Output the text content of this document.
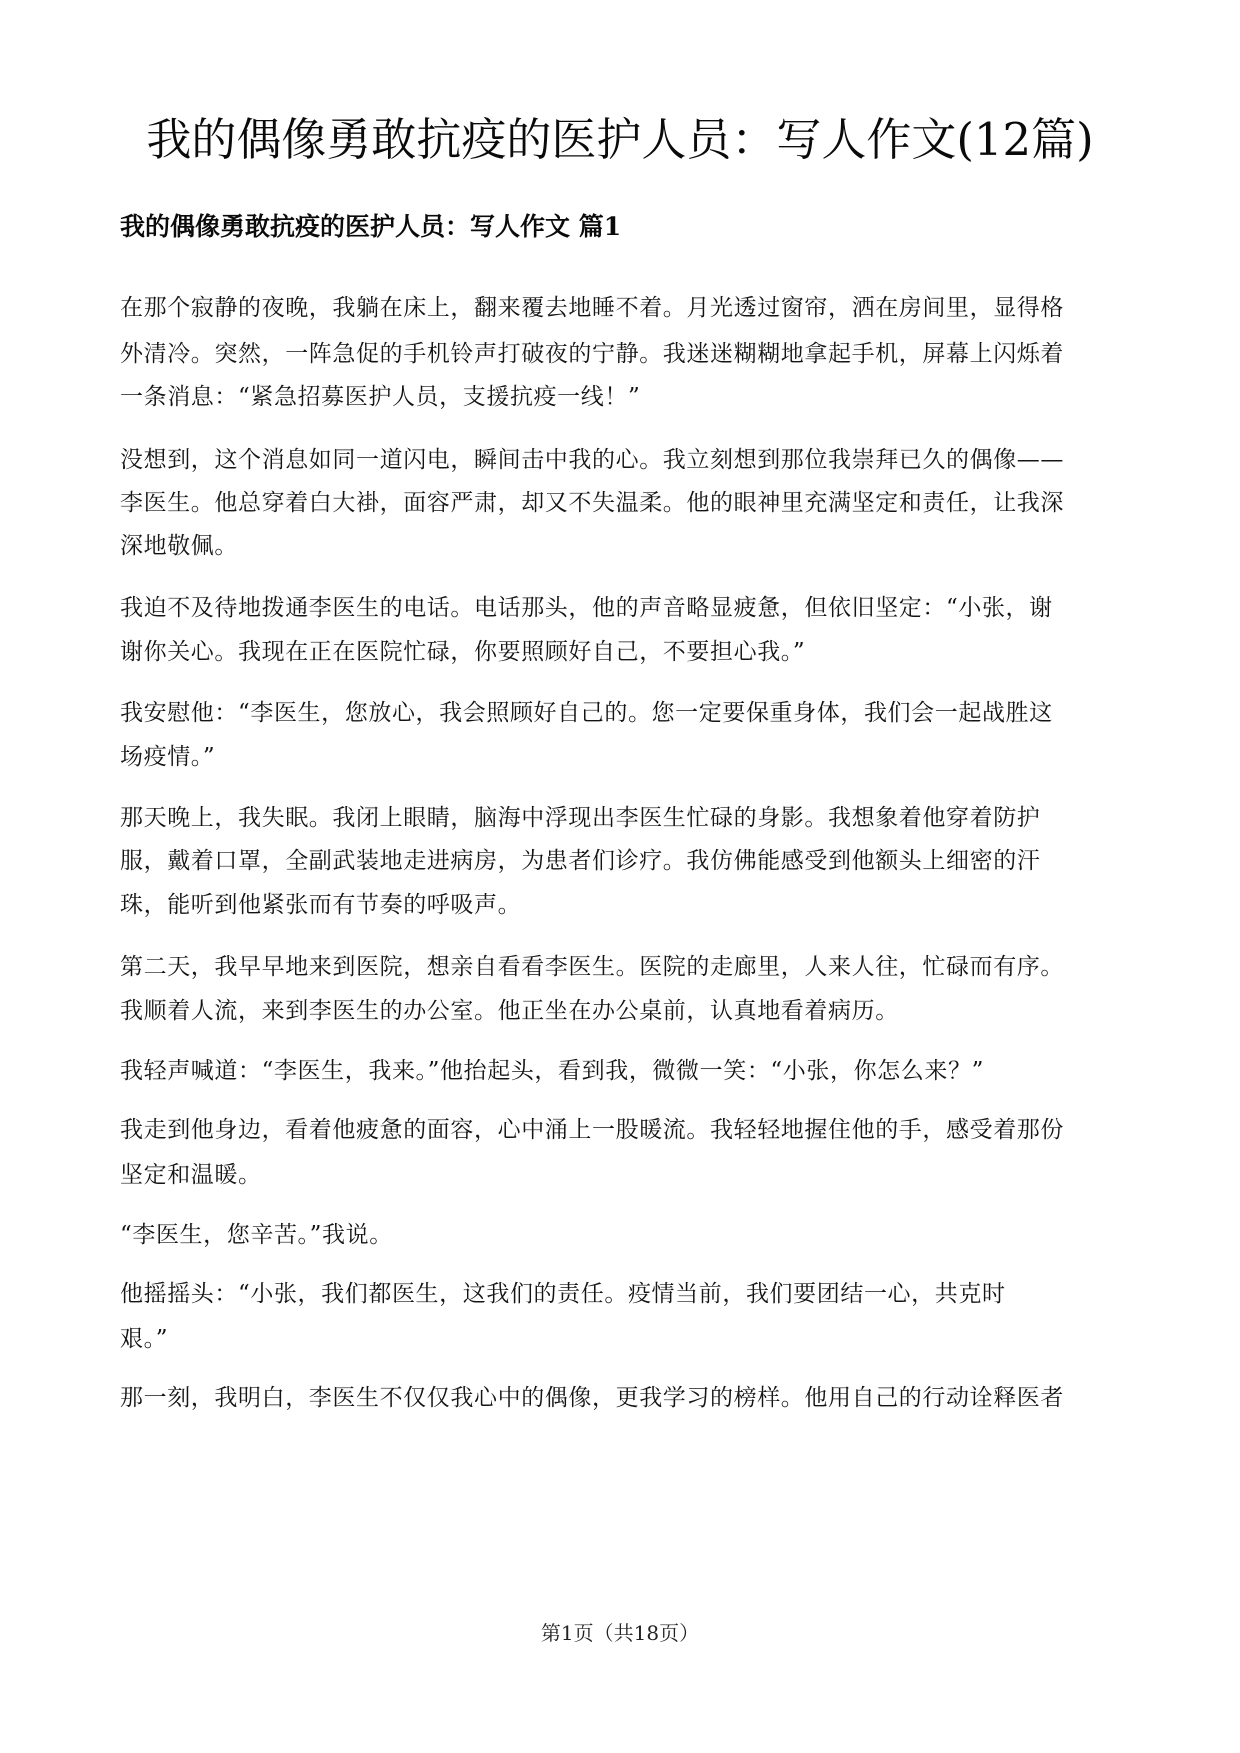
我的偶像勇敢抗疫的医护人员：写人作文(12篇)
我的偶像勇敢抗疫的医护人员：写人作文 篇1
在那个寂静的夜晚，我躺在床上，翻来覆去地睡不着。月光透过窗帘，洒在房间里，显得格
外清冷。突然，一阵急促的手机铃声打破夜的宁静。我迷迷糊糊地拿起手机，屏幕上闪烁着
一条消息：“紧急招募医护人员，支援抗疫一线！”
没想到，这个消息如同一道闪电，瞬间击中我的心。我立刻想到那位我崇拜已久的偶像——
李医生。他总穿着白大褂，面容严肃，却又不失温柔。他的眼神里充满坚定和责任，让我深
深地敬佩。
我迫不及待地拨通李医生的电话。电话那头，他的声音略显疲惫，但依旧坚定：“小张，谢
谢你关心。我现在正在医院忙碌，你要照顾好自己，不要担心我。”
我安慰他：“李医生，您放心，我会照顾好自己的。您一定要保重身体，我们会一起战胜这
场疫情。”
那天晚上，我失眠。我闭上眼睛，脑海中浮现出李医生忙碌的身影。我想象着他穿着防护
服，戴着口罩，全副武装地走进病房，为患者们诊疗。我仿佛能感受到他额头上细密的汗
珠，能听到他紧张而有节奏的呼吸声。
第二天，我早早地来到医院，想亲自看看李医生。医院的走廊里，人来人往，忙碌而有序。
我顺着人流，来到李医生的办公室。他正坐在办公桌前，认真地看着病历。
我轻声喊道：“李医生，我来。”他抬起头，看到我，微微一笑：“小张，你怎么来？”
我走到他身边，看着他疲惫的面容，心中涌上一股暖流。我轻轻地握住他的手，感受着那份
坚定和温暖。
“李医生，您辛苦。”我说。
他摇摇头：“小张，我们都医生，这我们的责任。疫情当前，我们要团结一心，共克时
艰。”
那一刻，我明白，李医生不仅仅我心中的偶像，更我学习的榜样。他用自己的行动诠释医者
第1页（共18页）
